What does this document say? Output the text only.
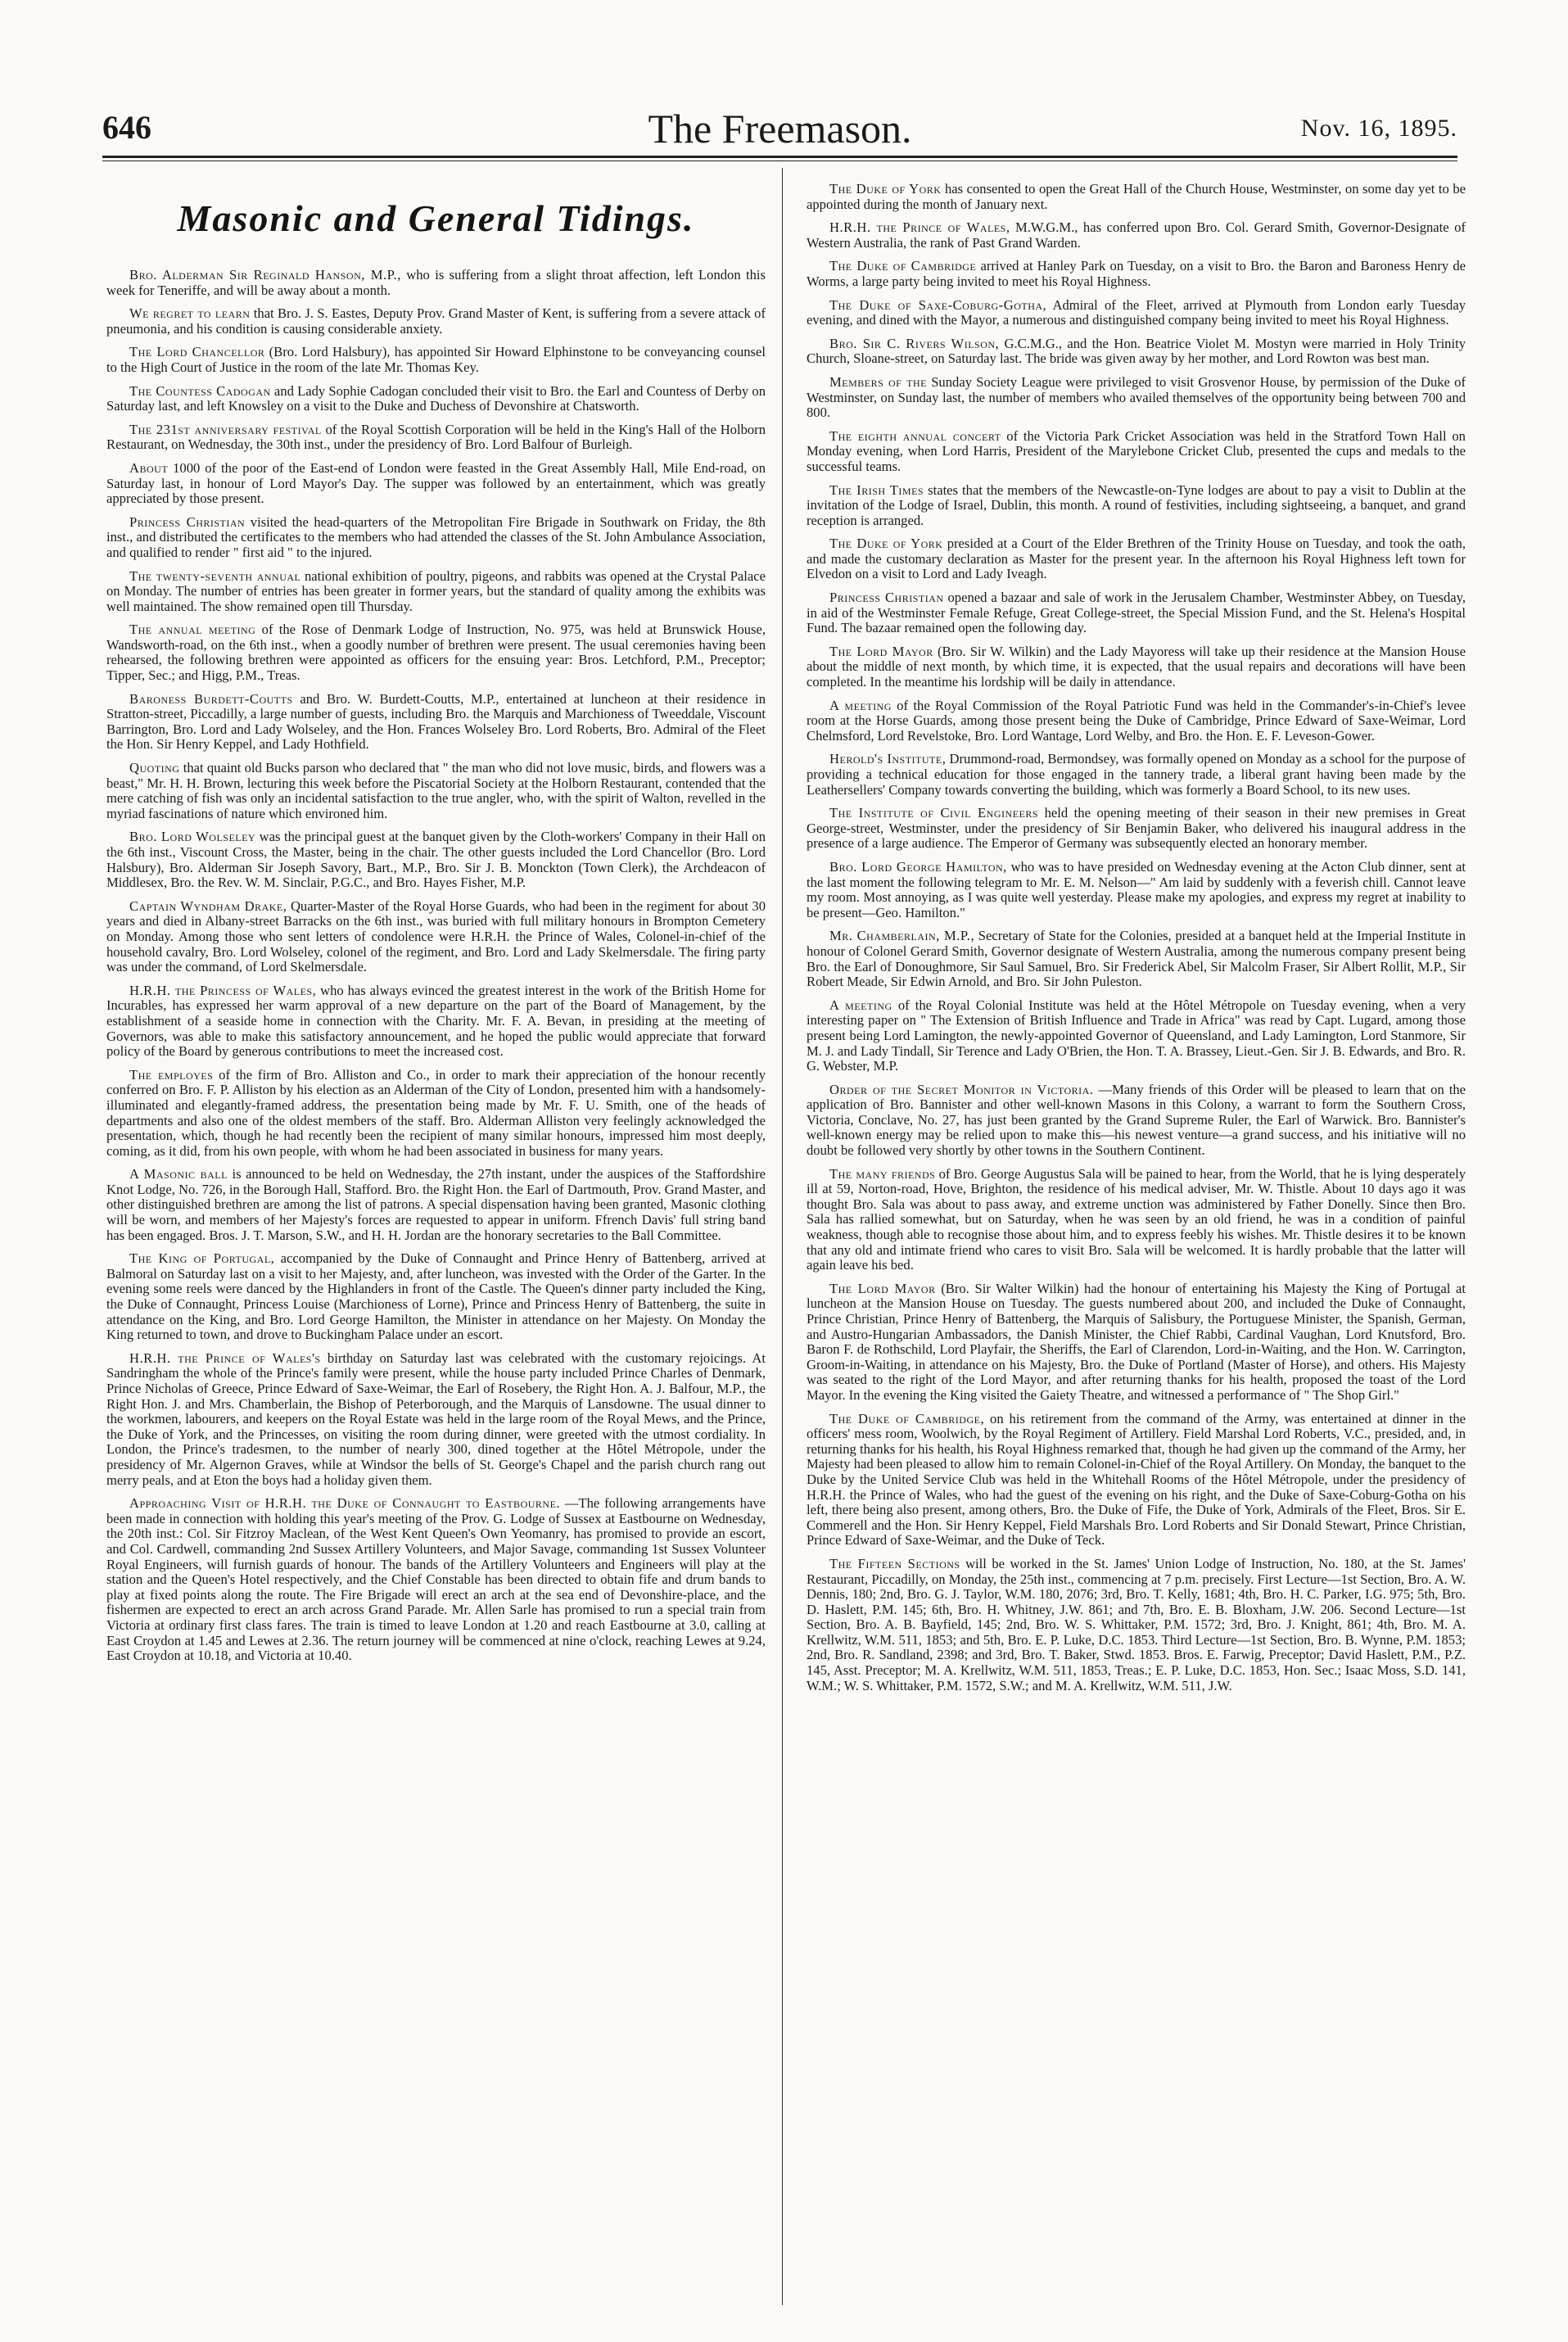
646	The Freemason.	Nov. 16, 1895.
Masonic and General Tidings.

Bro. Alderman Sir Reginald Hanson, M.P., who is suffering from a slight throat affection, left London this week for Teneriffe, and will be away about a month.

We regret to learn that Bro. J. S. Eastes, Deputy Prov. Grand Master of Kent, is suffering from a severe attack of pneumonia, and his condition is causing considerable anxiety.

The Lord Chancellor (Bro. Lord Halsbury), has appointed Sir Howard Elphinstone to be conveyancing counsel to the High Court of Justice in the room of the late Mr. Thomas Key.

The Countess Cadogan and Lady Sophie Cadogan concluded their visit to Bro. the Earl and Countess of Derby on Saturday last, and left Knowsley on a visit to the Duke and Duchess of Devonshire at Chatsworth.

The 231st anniversary festival of the Royal Scottish Corporation will be held in the King's Hall of the Holborn Restaurant, on Wednesday, the 30th inst., under the presidency of Bro. Lord Balfour of Burleigh.

About 1000 of the poor of the East-end of London were feasted in the Great Assembly Hall, Mile End-road, on Saturday last, in honour of Lord Mayor's Day. The supper was followed by an entertainment, which was greatly appreciated by those present.

Princess Christian visited the head-quarters of the Metropolitan Fire Brigade in Southwark on Friday, the 8th inst., and distributed the certificates to the members who had attended the classes of the St. John Ambulance Association, and qualified to render " first aid " to the injured.

The twenty-seventh annual national exhibition of poultry, pigeons, and rabbits was opened at the Crystal Palace on Monday. The number of entries has been greater in former years, but the standard of quality among the exhibits was well maintained. The show remained open till Thursday.

The annual meeting of the Rose of Denmark Lodge of Instruction, No. 975, was held at Brunswick House, Wandsworth-road, on the 6th inst., when a goodly number of brethren were present. The usual ceremonies having been rehearsed, the following brethren were appointed as officers for the ensuing year: Bros. Letchford, P.M., Preceptor; Tipper, Sec.; and Higg, P.M., Treas.

Baroness Burdett-Coutts and Bro. W. Burdett-Coutts, M.P., entertained at luncheon at their residence in Stratton-street, Piccadilly, a large number of guests, including Bro. the Marquis and Marchioness of Tweeddale, Viscount Barrington, Bro. Lord and Lady Wolseley, and the Hon. Frances Wolseley Bro. Lord Roberts, Bro. Admiral of the Fleet the Hon. Sir Henry Keppel, and Lady Hothfield.

Quoting that quaint old Bucks parson who declared that " the man who did not love music, birds, and flowers was a beast," Mr. H. H. Brown, lecturing this week before the Piscatorial Society at the Holborn Restaurant, contended that the mere catching of fish was only an incidental satisfaction to the true angler, who, with the spirit of Walton, revelled in the myriad fascinations of nature which environed him.

Bro. Lord Wolseley was the principal guest at the banquet given by the Cloth-workers' Company in their Hall on the 6th inst., Viscount Cross, the Master, being in the chair. The other guests included the Lord Chancellor (Bro. Lord Halsbury), Bro. Alderman Sir Joseph Savory, Bart., M.P., Bro. Sir J. B. Monckton (Town Clerk), the Archdeacon of Middlesex, Bro. the Rev. W. M. Sinclair, P.G.C., and Bro. Hayes Fisher, M.P.

Captain Wyndham Drake, Quarter-Master of the Royal Horse Guards, who had been in the regiment for about 30 years and died in Albany-street Barracks on the 6th inst., was buried with full military honours in Brompton Cemetery on Monday. Among those who sent letters of condolence were H.R.H. the Prince of Wales, Colonel-in-chief of the household cavalry, Bro. Lord Wolseley, colonel of the regiment, and Bro. Lord and Lady Skelmersdale. The firing party was under the command, of Lord Skelmersdale.

H.R.H. the Princess of Wales, who has always evinced the greatest interest in the work of the British Home for Incurables, has expressed her warm approval of a new departure on the part of the Board of Management, by the establishment of a seaside home in connection with the Charity. Mr. F. A. Bevan, in presiding at the meeting of Governors, was able to make this satisfactory announcement, and he hoped the public would appreciate that forward policy of the Board by generous contributions to meet the increased cost.

The employes of the firm of Bro. Alliston and Co., in order to mark their appreciation of the honour recently conferred on Bro. F. P. Alliston by his election as an Alderman of the City of London, presented him with a handsomely-illuminated and elegantly-framed address, the presentation being made by Mr. F. U. Smith, one of the heads of departments and also one of the oldest members of the staff. Bro. Alderman Alliston very feelingly acknowledged the presentation, which, though he had recently been the recipient of many similar honours, impressed him most deeply, coming, as it did, from his own people, with whom he had been associated in business for many years.

A Masonic ball is announced to be held on Wednesday, the 27th instant, under the auspices of the Staffordshire Knot Lodge, No. 726, in the Borough Hall, Stafford. Bro. the Right Hon. the Earl of Dartmouth, Prov. Grand Master, and other distinguished brethren are among the list of patrons. A special dispensation having been granted, Masonic clothing will be worn, and members of her Majesty's forces are requested to appear in uniform. Ffrench Davis' full string band has been engaged. Bros. J. T. Marson, S.W., and H. H. Jordan are the honorary secretaries to the Ball Committee.

The King of Portugal, accompanied by the Duke of Connaught and Prince Henry of Battenberg, arrived at Balmoral on Saturday last on a visit to her Majesty, and, after luncheon, was invested with the Order of the Garter. In the evening some reels were danced by the Highlanders in front of the Castle. The Queen's dinner party included the King, the Duke of Connaught, Princess Louise (Marchioness of Lorne), Prince and Princess Henry of Battenberg, the suite in attendance on the King, and Bro. Lord George Hamilton, the Minister in attendance on her Majesty. On Monday the King returned to town, and drove to Buckingham Palace under an escort.

H.R.H. the Prince of Wales's birthday on Saturday last was celebrated with the customary rejoicings. At Sandringham the whole of the Prince's family were present, while the house party included Prince Charles of Denmark, Prince Nicholas of Greece, Prince Edward of Saxe-Weimar, the Earl of Rosebery, the Right Hon. A. J. Balfour, M.P., the Right Hon. J. and Mrs. Chamberlain, the Bishop of Peterborough, and the Marquis of Lansdowne. The usual dinner to the workmen, labourers, and keepers on the Royal Estate was held in the large room of the Royal Mews, and the Prince, the Duke of York, and the Princesses, on visiting the room during dinner, were greeted with the utmost cordiality. In London, the Prince's tradesmen, to the number of nearly 300, dined together at the Hôtel Métropole, under the presidency of Mr. Algernon Graves, while at Windsor the bells of St. George's Chapel and the parish church rang out merry peals, and at Eton the boys had a holiday given them.

Approaching Visit of H.R.H. the Duke of Connaught to Eastbourne. —The following arrangements have been made in connection with holding this year's meeting of the Prov. G. Lodge of Sussex at Eastbourne on Wednesday, the 20th inst.: Col. Sir Fitzroy Maclean, of the West Kent Queen's Own Yeomanry, has promised to provide an escort, and Col. Cardwell, commanding 2nd Sussex Artillery Volunteers, and Major Savage, commanding 1st Sussex Volunteer Royal Engineers, will furnish guards of honour. The bands of the Artillery Volunteers and Engineers will play at the station and the Queen's Hotel respectively, and the Chief Constable has been directed to obtain fife and drum bands to play at fixed points along the route. The Fire Brigade will erect an arch at the sea end of Devonshire-place, and the fishermen are expected to erect an arch across Grand Parade. Mr. Allen Sarle has promised to run a special train from Victoria at ordinary first class fares. The train is timed to leave London at 1.20 and reach Eastbourne at 3.0, calling at East Croydon at 1.45 and Lewes at 2.36. The return journey will be commenced at nine o'clock, reaching Lewes at 9.24, East Croydon at 10.18, and Victoria at 10.40.

The Duke of York has consented to open the Great Hall of the Church House, Westminster, on some day yet to be appointed during the month of January next.

H.R.H. the Prince of Wales, M.W.G.M., has conferred upon Bro. Col. Gerard Smith, Governor-Designate of Western Australia, the rank of Past Grand Warden.

The Duke of Cambridge arrived at Hanley Park on Tuesday, on a visit to Bro. the Baron and Baroness Henry de Worms, a large party being invited to meet his Royal Highness.

The Duke of Saxe-Coburg-Gotha, Admiral of the Fleet, arrived at Plymouth from London early Tuesday evening, and dined with the Mayor, a numerous and distinguished company being invited to meet his Royal Highness.

Bro. Sir C. Rivers Wilson, G.C.M.G., and the Hon. Beatrice Violet M. Mostyn were married in Holy Trinity Church, Sloane-street, on Saturday last. The bride was given away by her mother, and Lord Rowton was best man.

Members of the Sunday Society League were privileged to visit Grosvenor House, by permission of the Duke of Westminster, on Sunday last, the number of members who availed themselves of the opportunity being between 700 and 800.

The eighth annual concert of the Victoria Park Cricket Association was held in the Stratford Town Hall on Monday evening, when Lord Harris, President of the Marylebone Cricket Club, presented the cups and medals to the successful teams.

The Irish Times states that the members of the Newcastle-on-Tyne lodges are about to pay a visit to Dublin at the invitation of the Lodge of Israel, Dublin, this month. A round of festivities, including sightseeing, a banquet, and grand reception is arranged.

The Duke of York presided at a Court of the Elder Brethren of the Trinity House on Tuesday, and took the oath, and made the customary declaration as Master for the present year. In the afternoon his Royal Highness left town for Elvedon on a visit to Lord and Lady Iveagh.

Princess Christian opened a bazaar and sale of work in the Jerusalem Chamber, Westminster Abbey, on Tuesday, in aid of the Westminster Female Refuge, Great College-street, the Special Mission Fund, and the St. Helena's Hospital Fund. The bazaar remained open the following day.

The Lord Mayor (Bro. Sir W. Wilkin) and the Lady Mayoress will take up their residence at the Mansion House about the middle of next month, by which time, it is expected, that the usual repairs and decorations will have been completed. In the meantime his lordship will be daily in attendance.

A meeting of the Royal Commission of the Royal Patriotic Fund was held in the Commander's-in-Chief's levee room at the Horse Guards, among those present being the Duke of Cambridge, Prince Edward of Saxe-Weimar, Lord Chelmsford, Lord Revelstoke, Bro. Lord Wantage, Lord Welby, and Bro. the Hon. E. F. Leveson-Gower.

Herold's Institute, Drummond-road, Bermondsey, was formally opened on Monday as a school for the purpose of providing a technical education for those engaged in the tannery trade, a liberal grant having been made by the Leathersellers' Company towards converting the building, which was formerly a Board School, to its new uses.

The Institute of Civil Engineers held the opening meeting of their season in their new premises in Great George-street, Westminster, under the presidency of Sir Benjamin Baker, who delivered his inaugural address in the presence of a large audience. The Emperor of Germany was subsequently elected an honorary member.

Bro. Lord George Hamilton, who was to have presided on Wednesday evening at the Acton Club dinner, sent at the last moment the following telegram to Mr. E. M. Nelson—" Am laid by suddenly with a feverish chill. Cannot leave my room. Most annoying, as I was quite well yesterday. Please make my apologies, and express my regret at inability to be present—Geo. Hamilton."

Mr. Chamberlain, M.P., Secretary of State for the Colonies, presided at a banquet held at the Imperial Institute in honour of Colonel Gerard Smith, Governor designate of Western Australia, among the numerous company present being Bro. the Earl of Donoughmore, Sir Saul Samuel, Bro. Sir Frederick Abel, Sir Malcolm Fraser, Sir Albert Rollit, M.P., Sir Robert Meade, Sir Edwin Arnold, and Bro. Sir John Puleston.

A meeting of the Royal Colonial Institute was held at the Hôtel Métropole on Tuesday evening, when a very interesting paper on " The Extension of British Influence and Trade in Africa" was read by Capt. Lugard, among those present being Lord Lamington, the newly-appointed Governor of Queensland, and Lady Lamington, Lord Stanmore, Sir M. J. and Lady Tindall, Sir Terence and Lady O'Brien, the Hon. T. A. Brassey, Lieut.-Gen. Sir J. B. Edwards, and Bro. R. G. Webster, M.P.

Order of the Secret Monitor in Victoria. —Many friends of this Order will be pleased to learn that on the application of Bro. Bannister and other well-known Masons in this Colony, a warrant to form the Southern Cross, Victoria, Conclave, No. 27, has just been granted by the Grand Supreme Ruler, the Earl of Warwick. Bro. Bannister's well-known energy may be relied upon to make this—his newest venture—a grand success, and his initiative will no doubt be followed very shortly by other towns in the Southern Continent.

The many friends of Bro. George Augustus Sala will be pained to hear, from the World, that he is lying desperately ill at 59, Norton-road, Hove, Brighton, the residence of his medical adviser, Mr. W. Thistle. About 10 days ago it was thought Bro. Sala was about to pass away, and extreme unction was administered by Father Donelly. Since then Bro. Sala has rallied somewhat, but on Saturday, when he was seen by an old friend, he was in a condition of painful weakness, though able to recognise those about him, and to express feebly his wishes. Mr. Thistle desires it to be known that any old and intimate friend who cares to visit Bro. Sala will be welcomed. It is hardly probable that the latter will again leave his bed.

The Lord Mayor (Bro. Sir Walter Wilkin) had the honour of entertaining his Majesty the King of Portugal at luncheon at the Mansion House on Tuesday. The guests numbered about 200, and included the Duke of Connaught, Prince Christian, Prince Henry of Battenberg, the Marquis of Salisbury, the Portuguese Minister, the Spanish, German, and Austro-Hungarian Ambassadors, the Danish Minister, the Chief Rabbi, Cardinal Vaughan, Lord Knutsford, Bro. Baron F. de Rothschild, Lord Playfair, the Sheriffs, the Earl of Clarendon, Lord-in-Waiting, and the Hon. W. Carrington, Groom-in-Waiting, in attendance on his Majesty, Bro. the Duke of Portland (Master of Horse), and others. His Majesty was seated to the right of the Lord Mayor, and after returning thanks for his health, proposed the toast of the Lord Mayor. In the evening the King visited the Gaiety Theatre, and witnessed a performance of " The Shop Girl."

The Duke of Cambridge, on his retirement from the command of the Army, was entertained at dinner in the officers' mess room, Woolwich, by the Royal Regiment of Artillery. Field Marshal Lord Roberts, V.C., presided, and, in returning thanks for his health, his Royal Highness remarked that, though he had given up the command of the Army, her Majesty had been pleased to allow him to remain Colonel-in-Chief of the Royal Artillery. On Monday, the banquet to the Duke by the United Service Club was held in the Whitehall Rooms of the Hôtel Métropole, under the presidency of H.R.H. the Prince of Wales, who had the guest of the evening on his right, and the Duke of Saxe-Coburg-Gotha on his left, there being also present, among others, Bro. the Duke of Fife, the Duke of York, Admirals of the Fleet, Bros. Sir E. Commerell and the Hon. Sir Henry Keppel, Field Marshals Bro. Lord Roberts and Sir Donald Stewart, Prince Christian, Prince Edward of Saxe-Weimar, and the Duke of Teck.

The Fifteen Sections will be worked in the St. James' Union Lodge of Instruction, No. 180, at the St. James' Restaurant, Piccadilly, on Monday, the 25th inst., commencing at 7 p.m. precisely. First Lecture—1st Section, Bro. A. W. Dennis, 180; 2nd, Bro. G. J. Taylor, W.M. 180, 2076; 3rd, Bro. T. Kelly, 1681; 4th, Bro. H. C. Parker, I.G. 975; 5th, Bro. D. Haslett, P.M. 145; 6th, Bro. H. Whitney, J.W. 861; and 7th, Bro. E. B. Bloxham, J.W. 206. Second Lecture—1st Section, Bro. A. B. Bayfield, 145; 2nd, Bro. W. S. Whittaker, P.M. 1572; 3rd, Bro. J. Knight, 861; 4th, Bro. M. A. Krellwitz, W.M. 511, 1853; and 5th, Bro. E. P. Luke, D.C. 1853. Third Lecture—1st Section, Bro. B. Wynne, P.M. 1853; 2nd, Bro. R. Sandland, 2398; and 3rd, Bro. T. Baker, Stwd. 1853. Bros. E. Farwig, Preceptor; David Haslett, P.M., P.Z. 145, Asst. Preceptor; M. A. Krellwitz, W.M. 511, 1853, Treas.; E. P. Luke, D.C. 1853, Hon. Sec.; Isaac Moss, S.D. 141, W.M.; W. S. Whittaker, P.M. 1572, S.W.; and M. A. Krellwitz, W.M. 511, J.W.
